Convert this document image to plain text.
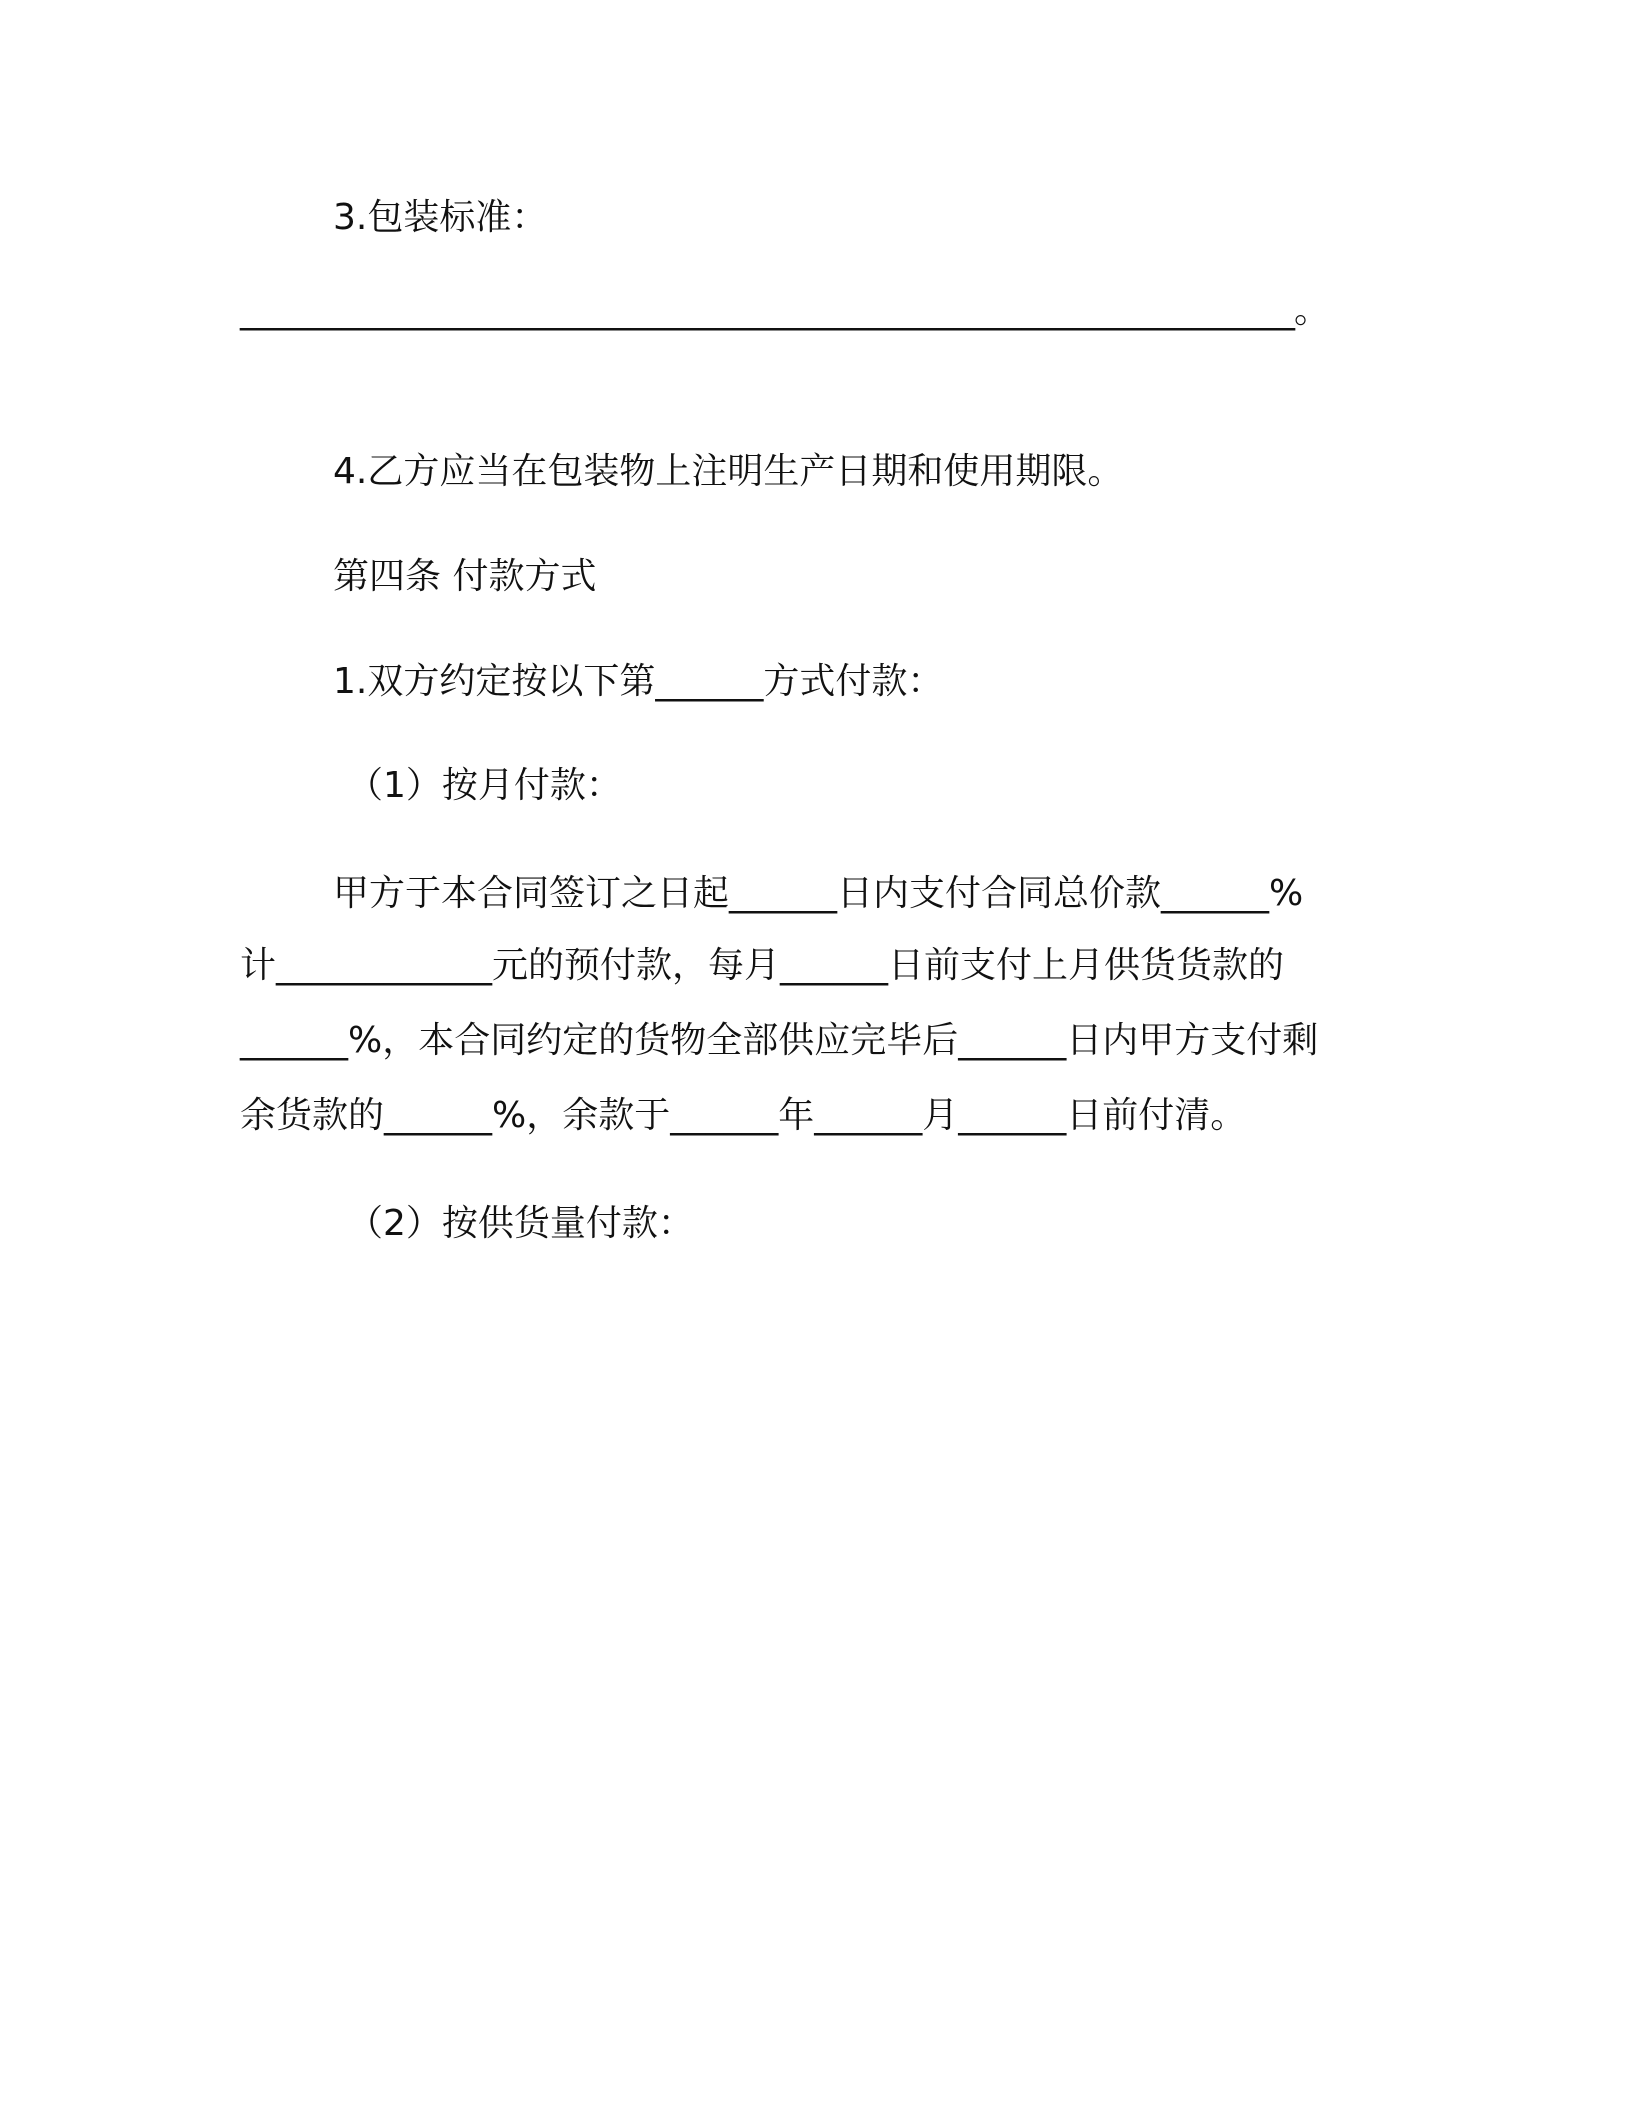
3.包装标准：

______________________________________________________________。

4.乙方应当在包装物上注明生产日期和使用期限。

第四条 付款方式

1.双方约定按以下第______方式付款：

（1）按月付款：

甲方于本合同签订之日起______日内支付合同总价款______%

计____________元的预付款，每月______日前支付上月供货货款的

______%，本合同约定的货物全部供应完毕后______日内甲方支付剩

余货款的______%，余款于______年______月______日前付清。

（2）按供货量付款：
